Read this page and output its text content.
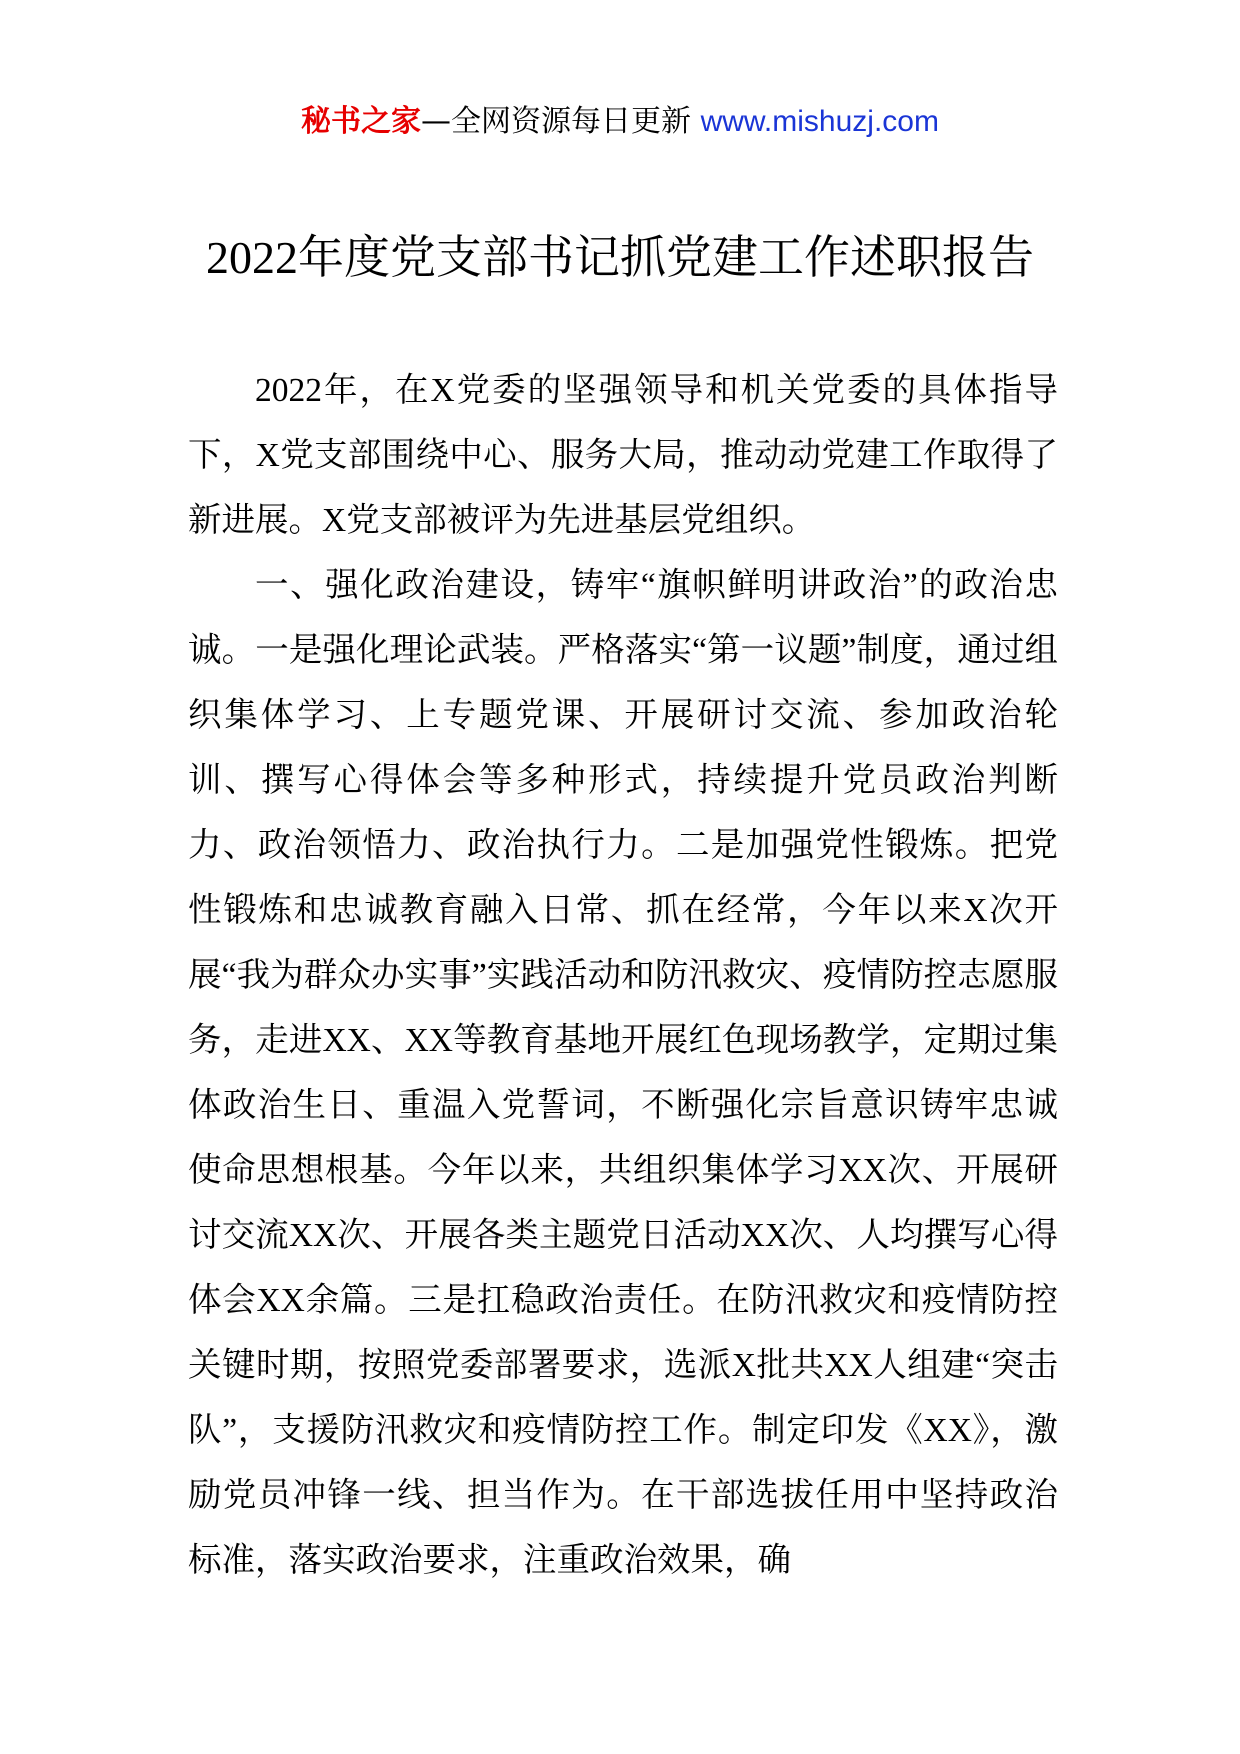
秘书之家—全网资源每日更新 www.mishuzj.com
2022年度党支部书记抓党建工作述职报告

2022年，在X党委的坚强领导和机关党委的具体指导下，X党支部围绕中心、服务大局，推动动党建工作取得了新进展。X党支部被评为先进基层党组织。

一、强化政治建设，铸牢“旗帜鲜明讲政治”的政治忠诚。一是强化理论武装。严格落实“第一议题”制度，通过组织集体学习、上专题党课、开展研讨交流、参加政治轮训、撰写心得体会等多种形式，持续提升党员政治判断力、政治领悟力、政治执行力。二是加强党性锻炼。把党性锻炼和忠诚教育融入日常、抓在经常，今年以来X次开展“我为群众办实事”实践活动和防汛救灾、疫情防控志愿服务，走进XX、XX等教育基地开展红色现场教学，定期过集体政治生日、重温入党誓词，不断强化宗旨意识铸牢忠诚使命思想根基。今年以来，共组织集体学习XX次、开展研讨交流XX次、开展各类主题党日活动XX次、人均撰写心得体会XX余篇。三是扛稳政治责任。在防汛救灾和疫情防控关键时期，按照党委部署要求，选派X批共XX人组建“突击队”，支援防汛救灾和疫情防控工作。制定印发《XX》，激励党员冲锋一线、担当作为。在干部选拔任用中坚持政治标准，落实政治要求，注重政治效果，确
